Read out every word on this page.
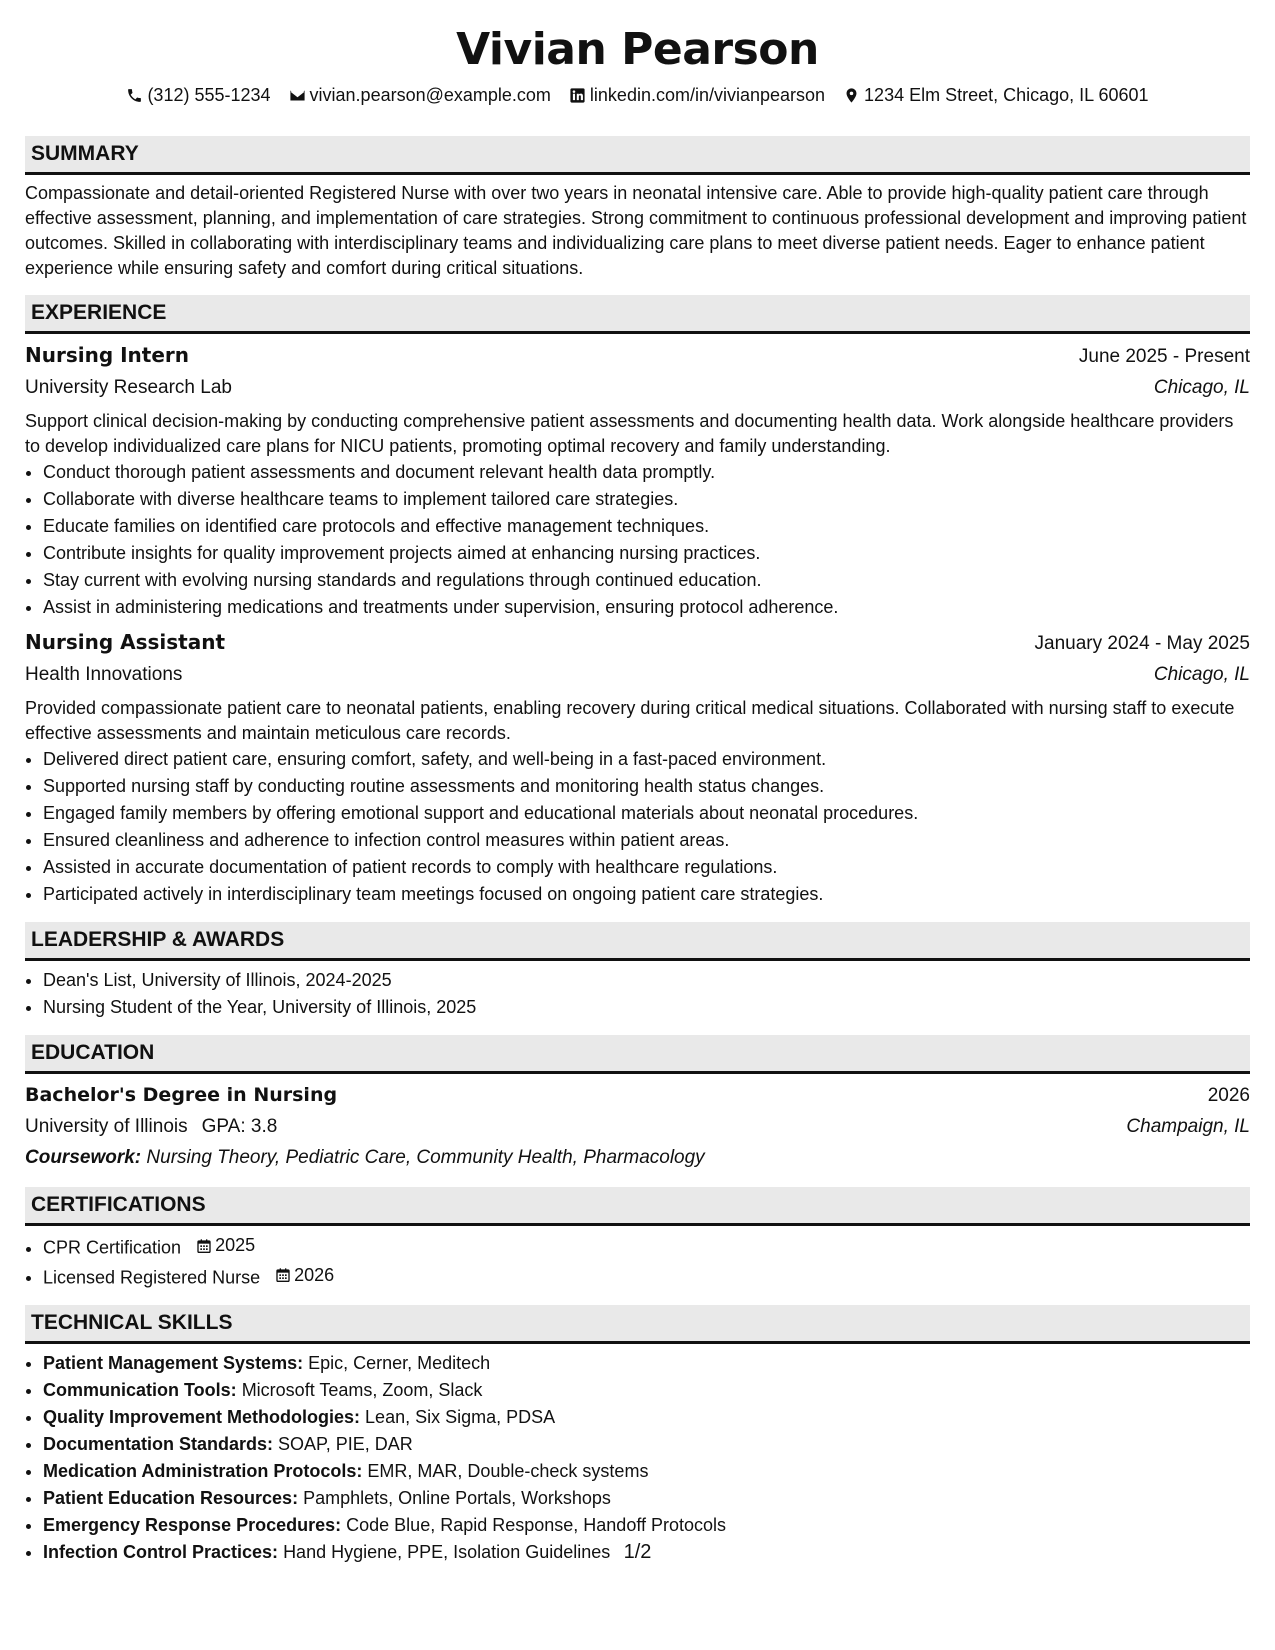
Vivian Pearson
(312) 555-1234 vivian.pearson@example.com linkedin.com/in/vivianpearson 1234 Elm Street, Chicago, IL 60601
SUMMARY

Compassionate and detail-oriented Registered Nurse with over two years in neonatal intensive care. Able to provide high-quality patient care through effective assessment, planning, and implementation of care strategies. Strong commitment to continuous professional development and improving patient outcomes. Skilled in collaborating with interdisciplinary teams and individualizing care plans to meet diverse patient needs. Eager to enhance patient experience while ensuring safety and comfort during critical situations.

EXPERIENCE
Nursing Intern	June 2025 - Present
University Research Lab	Chicago, IL

Support clinical decision-making by conducting comprehensive patient assessments and documenting health data. Work alongside healthcare providers to develop individualized care plans for NICU patients, promoting optimal recovery and family understanding.

• Conduct thorough patient assessments and document relevant health data promptly.
• Collaborate with diverse healthcare teams to implement tailored care strategies.
• Educate families on identified care protocols and effective management techniques.
• Contribute insights for quality improvement projects aimed at enhancing nursing practices.
• Stay current with evolving nursing standards and regulations through continued education.
• Assist in administering medications and treatments under supervision, ensuring protocol adherence.
Nursing Assistant	January 2024 - May 2025
Health Innovations	Chicago, IL

Provided compassionate patient care to neonatal patients, enabling recovery during critical medical situations. Collaborated with nursing staff to execute effective assessments and maintain meticulous care records.

• Delivered direct patient care, ensuring comfort, safety, and well-being in a fast-paced environment.
• Supported nursing staff by conducting routine assessments and monitoring health status changes.
• Engaged family members by offering emotional support and educational materials about neonatal procedures.
• Ensured cleanliness and adherence to infection control measures within patient areas.
• Assisted in accurate documentation of patient records to comply with healthcare regulations.
• Participated actively in interdisciplinary team meetings focused on ongoing patient care strategies.
LEADERSHIP & AWARDS
• Dean's List, University of Illinois, 2024-2025
• Nursing Student of the Year, University of Illinois, 2025
EDUCATION
Bachelor's Degree in Nursing	2026
University of Illinois GPA: 3.8	Champaign, IL
Coursework: Nursing Theory, Pediatric Care, Community Health, Pharmacology
CERTIFICATIONS
• CPR Certification 2025
• Licensed Registered Nurse 2026
TECHNICAL SKILLS
• Patient Management Systems: Epic, Cerner, Meditech
• Communication Tools: Microsoft Teams, Zoom, Slack
• Quality Improvement Methodologies: Lean, Six Sigma, PDSA
• Documentation Standards: SOAP, PIE, DAR
• Medication Administration Protocols: EMR, MAR, Double-check systems
• Patient Education Resources: Pamphlets, Online Portals, Workshops
• Emergency Response Procedures: Code Blue, Rapid Response, Handoff Protocols
• Infection Control Practices: Hand Hygiene, PPE, Isolation Guidelines 1/2
